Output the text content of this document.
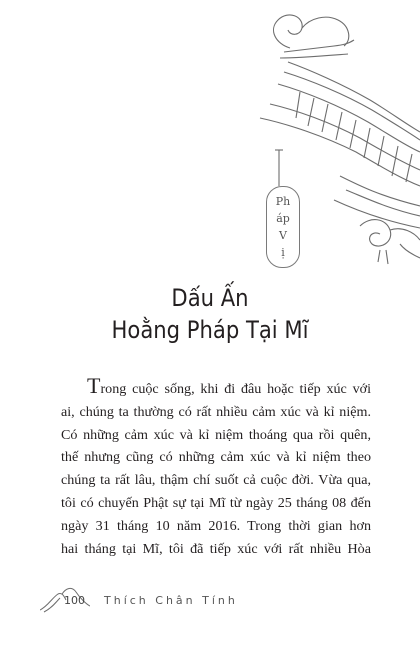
Ph
áp
V
ị
Dấu Ấn
Hoằng Pháp Tại Mĩ
Trong cuộc sống, khi đi đâu hoặc tiếp xúc với
ai, chúng ta thường có rất nhiều cảm xúc và kỉ niệm.
Có những cảm xúc và kỉ niệm thoáng qua rồi quên,
thế nhưng cũng có những cảm xúc và kỉ niệm theo
chúng ta rất lâu, thậm chí suốt cả cuộc đời. Vừa qua,
tôi có chuyến Phật sự tại Mĩ từ ngày 25 tháng 08 đến
ngày 31 tháng 10 năm 2016. Trong thời gian hơn
hai tháng tại Mĩ, tôi đã tiếp xúc với rất nhiều Hòa
100 Thích Chân Tính
